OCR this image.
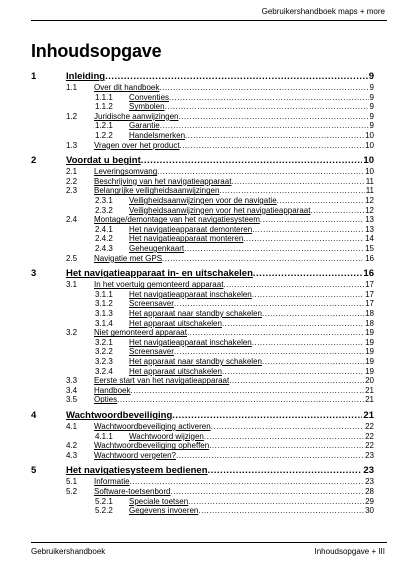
Gebruikershandboek maps + more
Inhoudsopgave
1	Inleiding .....	9
1.1 Over dit handboek .....	9
1.1.1 Conventies .....	9
1.1.2 Symbolen .....	9
1.2 Juridische aanwijzingen .....	9
1.2.1 Garantie .....	9
1.2.2 Handelsmerken .....	10
1.3 Vragen over het product .....	10
2	Voordat u begint .....	10
2.1 Leveringsomvang .....	10
2.2 Beschrijving van het navigatieapparaat .....	11
2.3 Belangrijke veiligheidsaanwijzingen .....	11
2.3.1 Veiligheidsaanwijzingen voor de navigatie .....	12
2.3.2 Veiligheidsaanwijzingen voor het navigatieapparaat .....	12
2.4 Montage/demontage van het navigatiesysteem .....	13
2.4.1 Het navigatieapparaat demonteren .....	13
2.4.2 Het navigatieapparaat monteren .....	14
2.4.3 Geheugenkaart .....	15
2.5 Navigatie met GPS .....	16
3	Het navigatieapparaat in- en uitschakelen .....	16
3.1 In het voertuig gemonteerd apparaat .....	17
3.1.1 Het navigatieapparaat inschakelen .....	17
3.1.2 Screensaver .....	17
3.1.3 Het apparaat naar standby schakelen .....	18
3.1.4 Het apparaat uitschakelen .....	18
3.2 Niet gemonteerd apparaat .....	19
3.2.1 Het navigatieapparaat inschakelen .....	19
3.2.2 Screensaver .....	19
3.2.3 Het apparaat naar standby schakelen .....	19
3.2.4 Het apparaat uitschakelen .....	19
3.3 Eerste start van het navigatieapparaat .....	20
3.4 Handboek .....	21
3.5 Opties .....	21
4	Wachtwoordbeveiliging .....	21
4.1 Wachtwoordbeveiliging activeren .....	22
4.1.1 Wachtwoord wijzigen .....	22
4.2 Wachtwoordbeveiliging opheffen .....	22
4.3 Wachtwoord vergeten? .....	23
5	Het navigatiesysteem bedienen .....	23
5.1 Informatie .....	23
5.2 Software-toetsenbord .....	28
5.2.1 Speciale toetsen .....	29
5.2.2 Gegevens invoeren .....	30
Gebruikershandboek	Inhoudsopgave + III
